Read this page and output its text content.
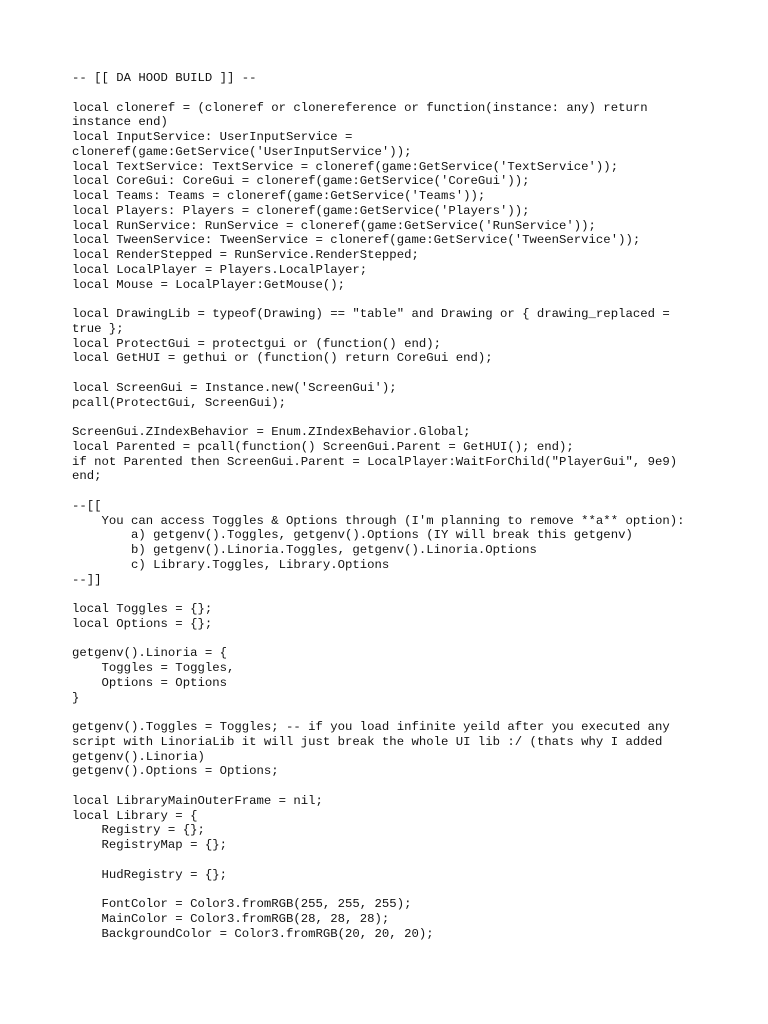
-- [[ DA HOOD BUILD ]] --
local cloneref = (cloneref or clonereference or function(instance: any) return
instance end)
local InputService: UserInputService =
cloneref(game:GetService('UserInputService'));
local TextService: TextService = cloneref(game:GetService('TextService'));
local CoreGui: CoreGui = cloneref(game:GetService('CoreGui'));
local Teams: Teams = cloneref(game:GetService('Teams'));
local Players: Players = cloneref(game:GetService('Players'));
local RunService: RunService = cloneref(game:GetService('RunService'));
local TweenService: TweenService = cloneref(game:GetService('TweenService'));
local RenderStepped = RunService.RenderStepped;
local LocalPlayer = Players.LocalPlayer;
local Mouse = LocalPlayer:GetMouse();
local DrawingLib = typeof(Drawing) == "table" and Drawing or { drawing_replaced =
true };
local ProtectGui = protectgui or (function() end);
local GetHUI = gethui or (function() return CoreGui end);
local ScreenGui = Instance.new('ScreenGui');
pcall(ProtectGui, ScreenGui);
ScreenGui.ZIndexBehavior = Enum.ZIndexBehavior.Global;
local Parented = pcall(function() ScreenGui.Parent = GetHUI(); end);
if not Parented then ScreenGui.Parent = LocalPlayer:WaitForChild("PlayerGui", 9e9)
end;
--[[
You can access Toggles & Options through (I'm planning to remove **a** option):
a) getgenv().Toggles, getgenv().Options (IY will break this getgenv)
b) getgenv().Linoria.Toggles, getgenv().Linoria.Options
c) Library.Toggles, Library.Options
--]]
local Toggles = {};
local Options = {};
getgenv().Linoria = {
Toggles = Toggles,
Options = Options
}
getgenv().Toggles = Toggles; -- if you load infinite yeild after you executed any
script with LinoriaLib it will just break the whole UI lib :/ (thats why I added
getgenv().Linoria)
getgenv().Options = Options;
local LibraryMainOuterFrame = nil;
local Library = {
Registry = {};
RegistryMap = {};
HudRegistry = {};
FontColor = Color3.fromRGB(255, 255, 255);
MainColor = Color3.fromRGB(28, 28, 28);
BackgroundColor = Color3.fromRGB(20, 20, 20);
